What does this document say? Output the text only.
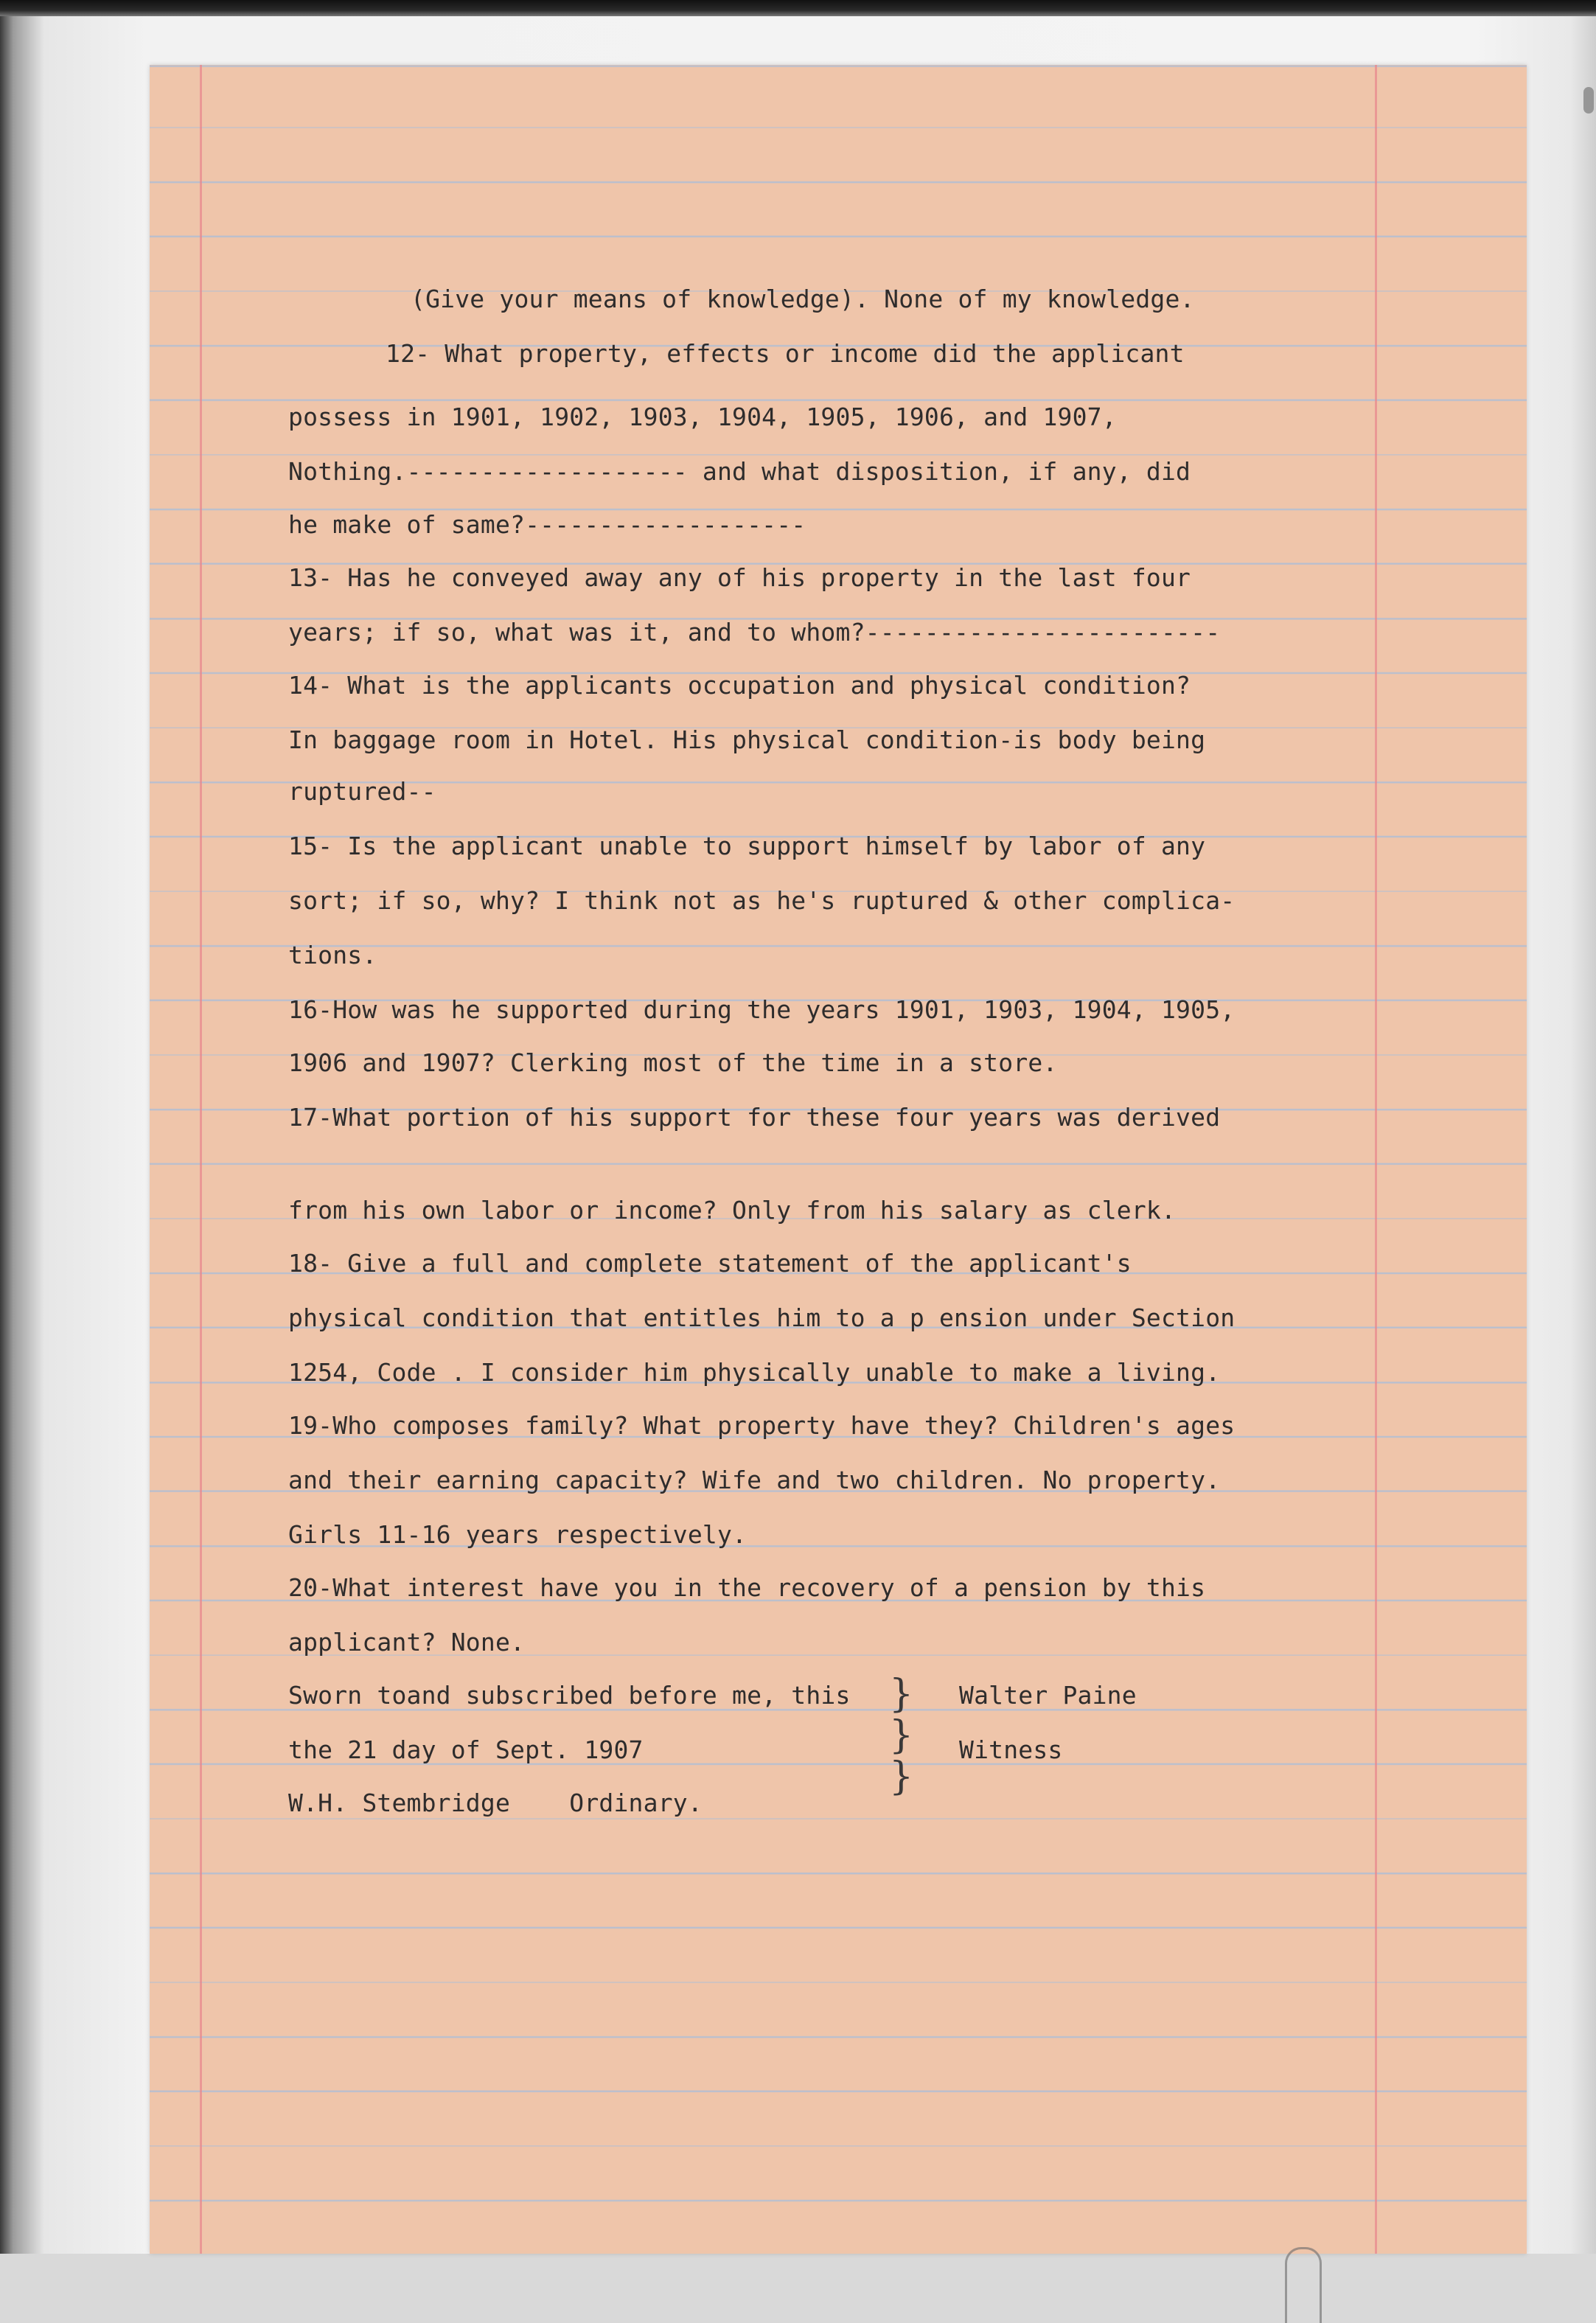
(Give your means of knowledge). None of my knowledge.
12- What property, effects or income did the applicant
possess in 1901, 1902, 1903, 1904, 1905, 1906, and 1907,
Nothing.------------------- and what disposition, if any, did
he make of same?-------------------
13- Has he conveyed away any of his property in the last four
years; if so, what was it, and to whom?------------------------
14- What is the applicants occupation and physical condition?
In baggage room in Hotel. His physical condition-is body being
ruptured--
15- Is the applicant unable to support himself by labor of any
sort; if so, why? I think not as he's ruptured & other complica-
tions.
16-How was he supported during the years 1901, 1903, 1904, 1905,
1906 and 1907? Clerking most of the time in a store.
17-What portion of his support for these four years was derived
from his own labor or income? Only from his salary as clerk.
18- Give a full and complete statement of the applicant's
physical condition that entitles him to a p ension under Section
1254, Code . I consider him physically unable to make a living.
19-Who composes family? What property have they? Children's ages
and their earning capacity? Wife and two children. No property.
Girls 11-16 years respectively.
20-What interest have you in the recovery of a pension by this
applicant? None.
Sworn toand subscribed before me, this
the 21 day of Sept. 1907
W.H. Stembridge    Ordinary.
}
}
}
Walter Paine
Witness
